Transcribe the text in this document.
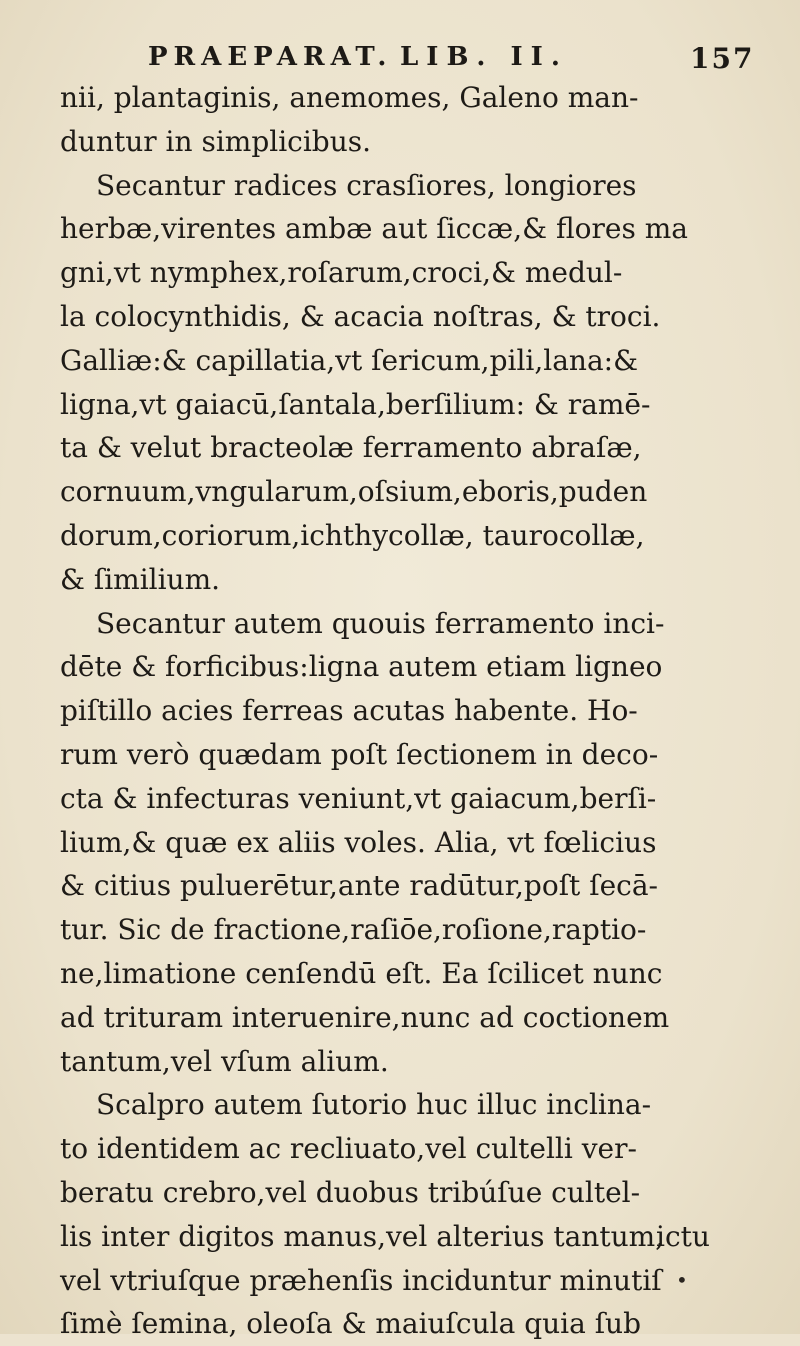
PRAEPARAT. LIB. II.	157
nii, plantaginis, anemomes, Galeno man-
duntur in simplicibus.
Secantur radices crasſiores, longiores
herbæ,virentes ambæ aut ſiccæ,& flores ma
gni,vt nymphex,roſarum,croci,& medul-
la colocynthidis, & acacia noſtras, & troci.
Galliæ:& capillatia,vt ſericum,pili,lana:&
ligna,vt gaiacū,ſantala,berſilium: & ramē-
ta & velut bracteolæ ferramento abraſæ,
cornuum,vngularum,oſsium,eboris,puden
dorum,coriorum,ichthycollæ, taurocollæ,
& ſimilium.
Secantur autem quouis ferramento inci-
dēte & forficibus:ligna autem etiam ligneo
piſtillo acies ferreas acutas habente. Ho-
rum verò quædam poſt ſectionem in deco-
cta & infecturas veniunt,vt gaiacum,berſi-
lium,& quæ ex aliis voles. Alia, vt fœlicius
& citius puluerētur,ante radūtur,poſt ſecā-
tur. Sic de fractione,raſiōe,roſione,raptio-
ne,limatione cenſendū eſt. Ea ſcilicet nunc
ad trituram interuenire,nunc ad coctionem
tantum,vel vſum alium.
Scalpro autem ſutorio huc illuc inclina-
to identidem ac recliuato,vel cultelli ver-
beratu crebro,vel duobus tribúſue cultel-
lis inter digitos manus,vel alterius tantum,
vel vtriuſque præhenſis inciduntur minutiſ
ſimè ſemina, oleoſa & maiuſcula quia ſub
ictu
•
